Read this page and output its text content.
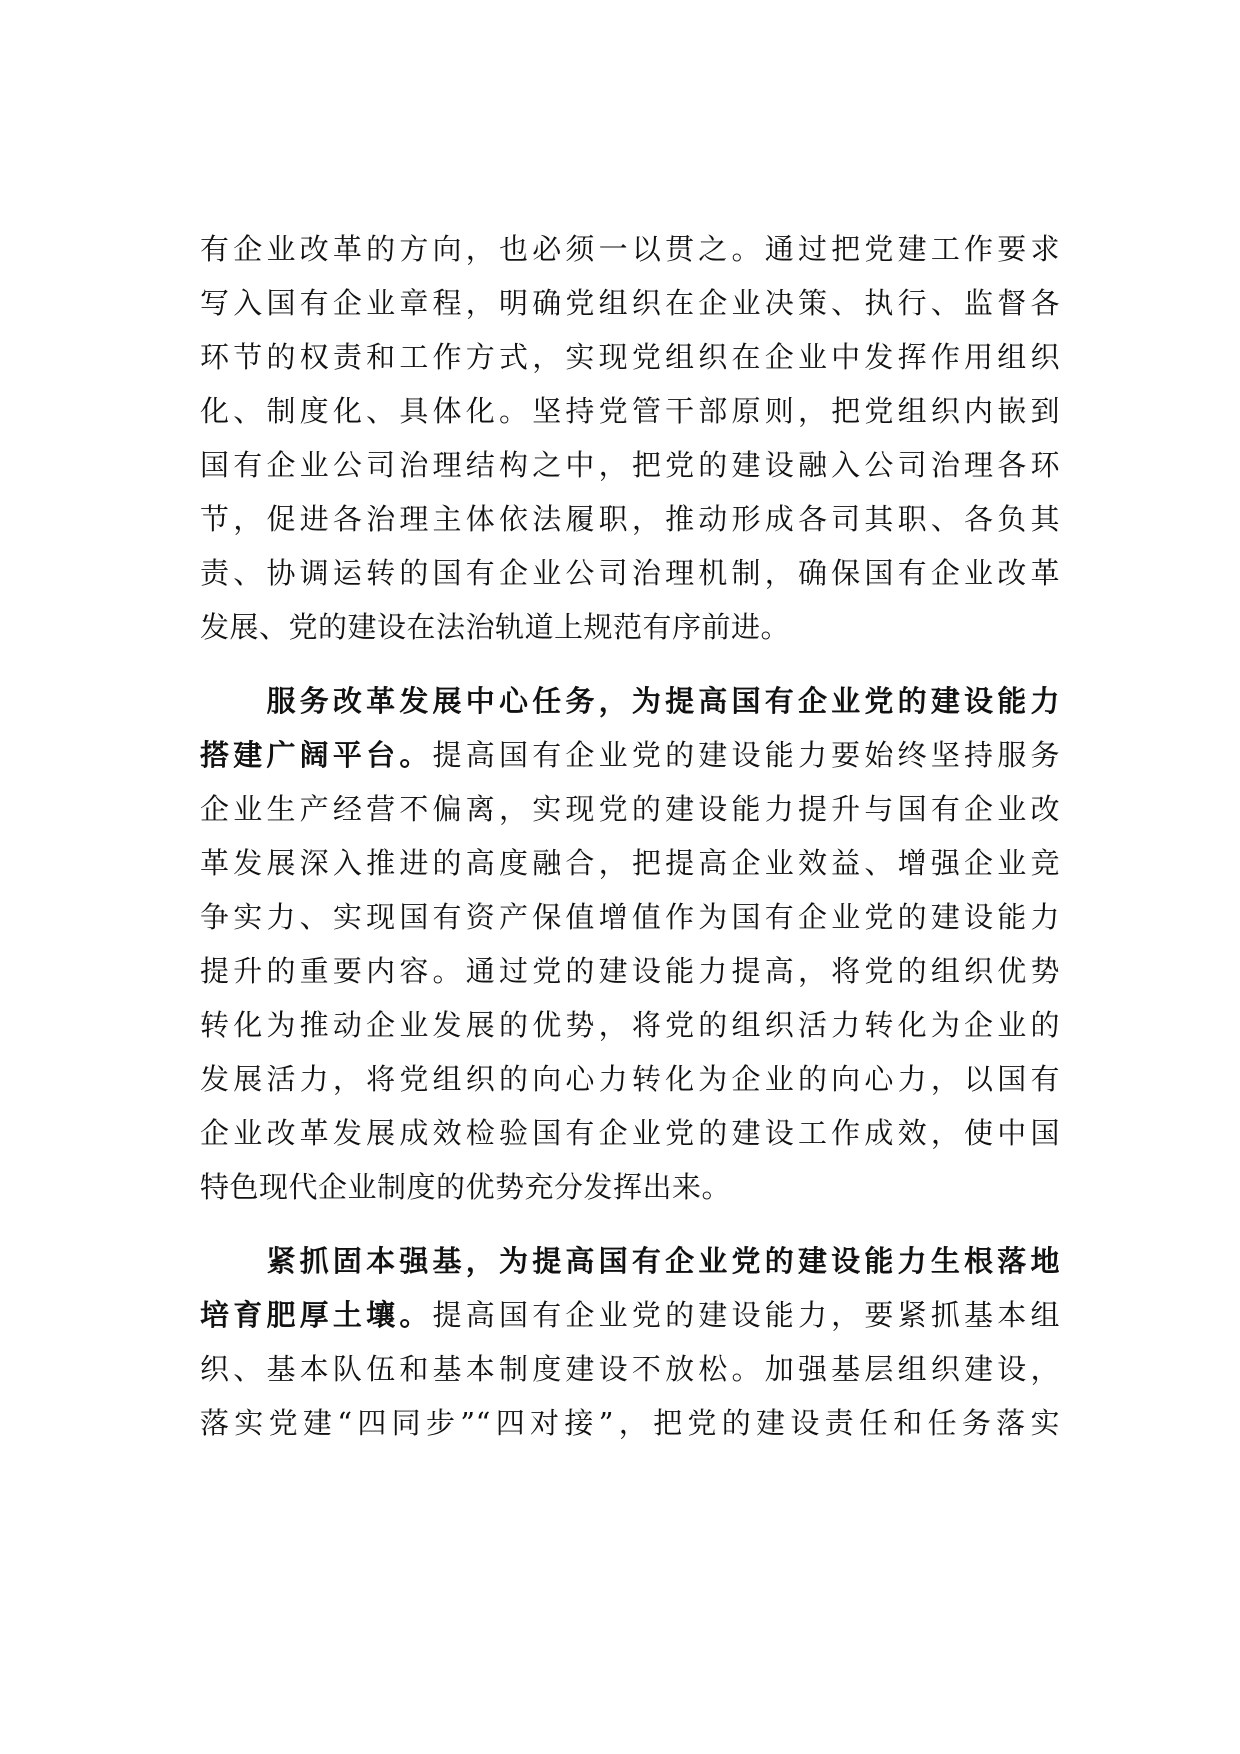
有企业改革的方向，也必须一以贯之。通过把党建工作要求
写入国有企业章程，明确党组织在企业决策、执行、监督各
环节的权责和工作方式，实现党组织在企业中发挥作用组织
化、制度化、具体化。坚持党管干部原则，把党组织内嵌到
国有企业公司治理结构之中，把党的建设融入公司治理各环
节，促进各治理主体依法履职，推动形成各司其职、各负其
责、协调运转的国有企业公司治理机制，确保国有企业改革
发展、党的建设在法治轨道上规范有序前进。
　　服务改革发展中心任务，为提高国有企业党的建设能力
搭建广阔平台。提高国有企业党的建设能力要始终坚持服务
企业生产经营不偏离，实现党的建设能力提升与国有企业改
革发展深入推进的高度融合，把提高企业效益、增强企业竞
争实力、实现国有资产保值增值作为国有企业党的建设能力
提升的重要内容。通过党的建设能力提高，将党的组织优势
转化为推动企业发展的优势，将党的组织活力转化为企业的
发展活力，将党组织的向心力转化为企业的向心力，以国有
企业改革发展成效检验国有企业党的建设工作成效，使中国
特色现代企业制度的优势充分发挥出来。
　　紧抓固本强基，为提高国有企业党的建设能力生根落地
培育肥厚土壤。提高国有企业党的建设能力，要紧抓基本组
织、基本队伍和基本制度建设不放松。加强基层组织建设，
落实党建“四同步”“四对接”，把党的建设责任和任务落实
